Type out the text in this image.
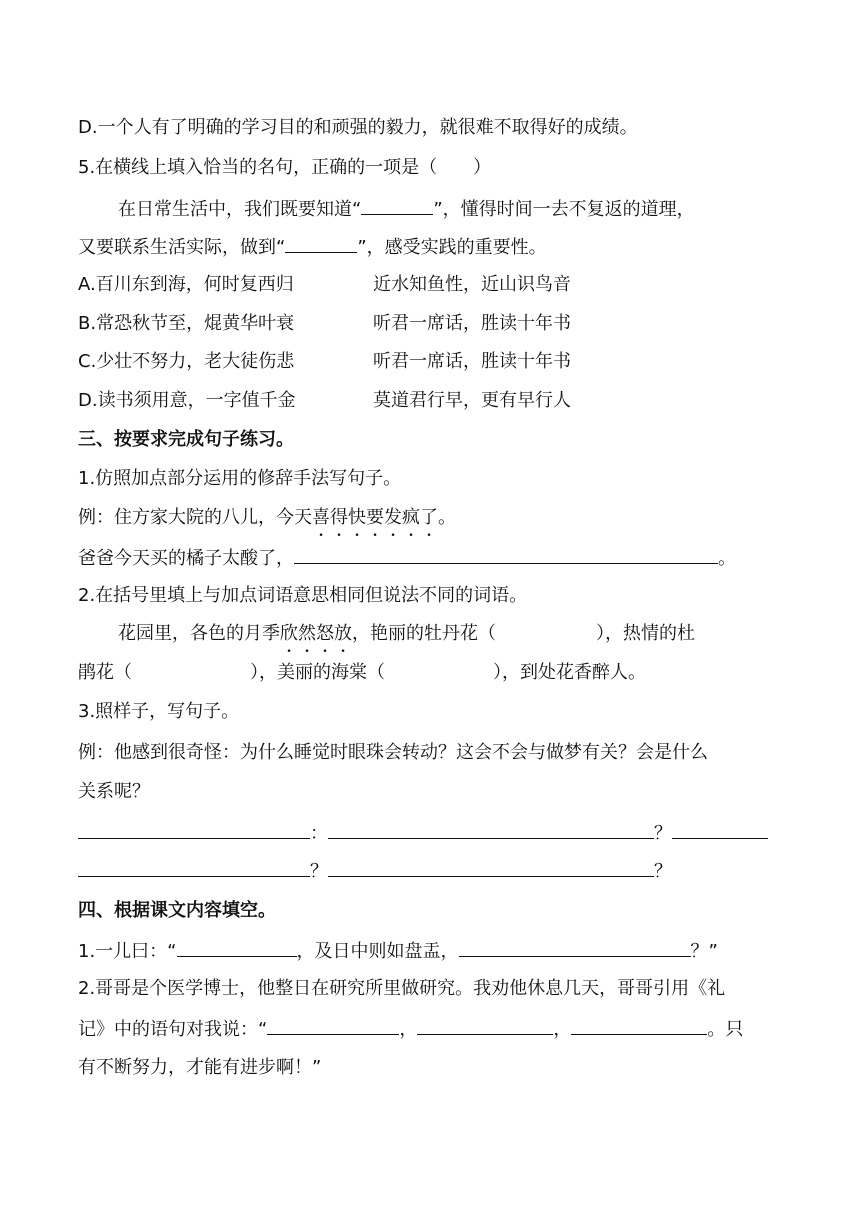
D.一个人有了明确的学习目的和顽强的毅力，就很难不取得好的成绩。
5.在横线上填入恰当的名句，正确的一项是（　　）
在日常生活中，我们既要知道“	”，懂得时间一去不复返的道理，
又要联系生活实际，做到“	”，感受实践的重要性。
A.百川东到海，何时复西归	近水知鱼性，近山识鸟音
B.常恐秋节至，焜黄华叶衰	听君一席话，胜读十年书
C.少壮不努力，老大徒伤悲	听君一席话，胜读十年书
D.读书须用意，一字值千金	莫道君行早，更有早行人
三、按要求完成句子练习。
1.仿照加点部分运用的修辞手法写句子。
例：住方家大院的八儿，今天喜得快要发疯了。
爸爸今天买的橘子太酸了，	。
2.在括号里填上与加点词语意思相同但说法不同的词语。
花园里，各色的月季欣然怒放，艳丽的牡丹花（	），热情的杜
鹃花（	），美丽的海棠（	），到处花香醉人。
3.照样子，写句子。
例：他感到很奇怪：为什么睡觉时眼珠会转动？这会不会与做梦有关？会是什么
关系呢？
：	？
？	？
四、根据课文内容填空。
1.一儿曰：“	，及日中则如盘盂，	？”
2.哥哥是个医学博士，他整日在研究所里做研究。我劝他休息几天，哥哥引用《礼
记》中的语句对我说：“	，	，	。只
有不断努力，才能有进步啊！”
